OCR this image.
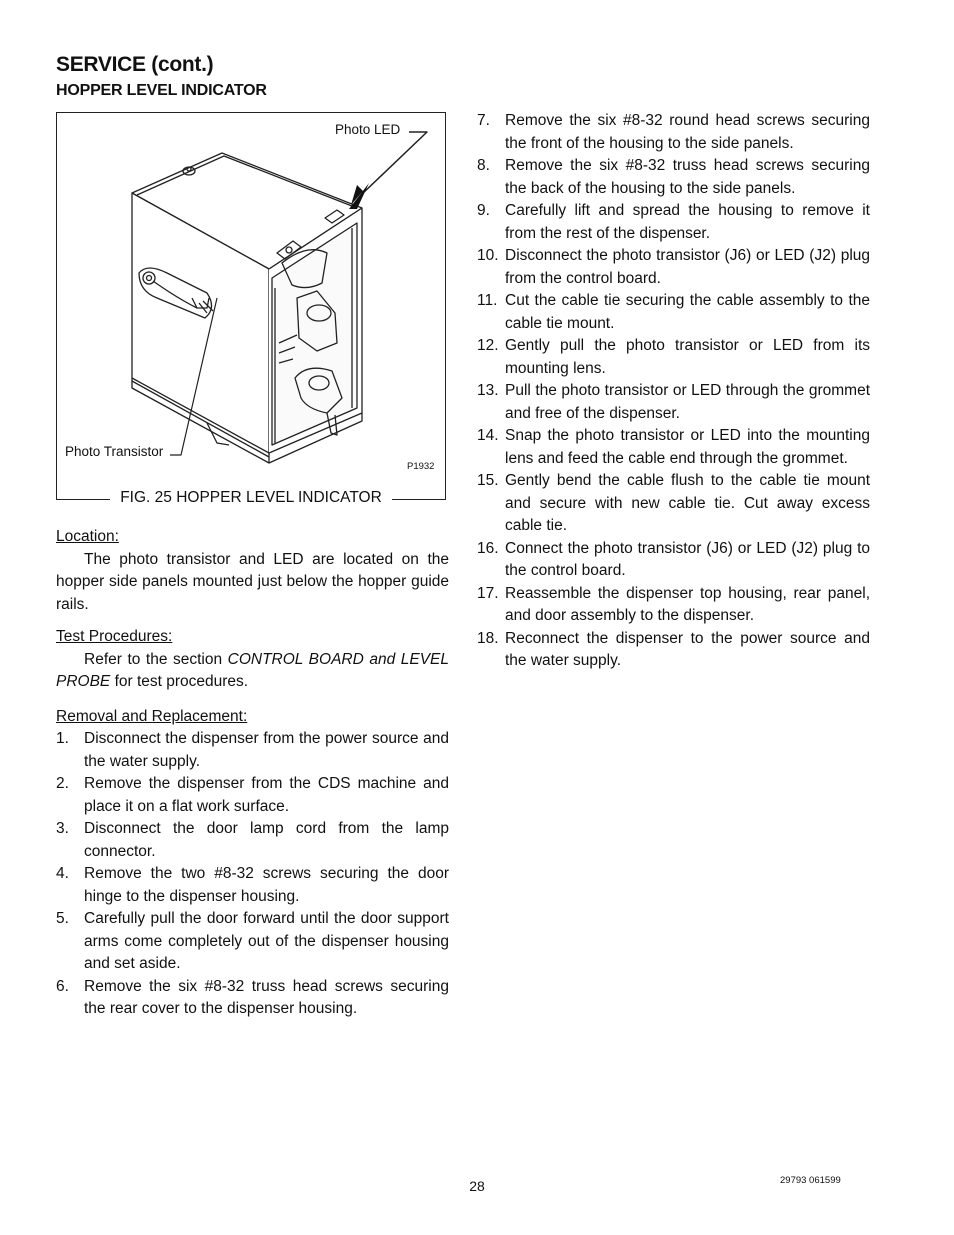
SERVICE (cont.)
HOPPER LEVEL INDICATOR
Photo LED
Photo Transistor
P1932
FIG. 25 HOPPER LEVEL INDICATOR

Location:

The photo transistor and LED are located on the hopper side panels mounted just below the hopper guide rails.

Test Procedures:

Refer to the section CONTROL BOARD and LEVEL PROBE for test procedures.

Removal and Replacement:

1. Disconnect the dispenser from the power source and the water supply.
2. Remove the dispenser from the CDS machine and place it on a flat work surface.
3. Disconnect the door lamp cord from the lamp connector.
4. Remove the two #8-32 screws securing the door hinge to the dispenser housing.
5. Carefully pull the door forward until the door support arms come completely out of the dispenser housing and set aside.
6. Remove the six #8-32 truss head screws securing the rear cover to the dispenser housing.
7. Remove the six #8-32 round head screws securing the front of the housing to the side panels.
8. Remove the six #8-32 truss head screws securing the back of the housing to the side panels.
9. Carefully lift and spread the housing to remove it from the rest of the dispenser.
10. Disconnect the photo transistor (J6) or LED (J2) plug from the control board.
11. Cut the cable tie securing the cable assembly to the cable tie mount.
12. Gently pull the photo transistor or LED from its mounting lens.
13. Pull the photo transistor or LED through the grommet and free of the dispenser.
14. Snap the photo transistor or LED into the mounting lens and feed the cable end through the grommet.
15. Gently bend the cable flush to the cable tie mount and secure with new cable tie. Cut away excess cable tie.
16. Connect the photo transistor (J6) or LED (J2) plug to the control board.
17. Reassemble the dispenser top housing, rear panel, and door assembly to the dispenser.
18. Reconnect the dispenser to the power source and the water supply.
28	29793 061599
